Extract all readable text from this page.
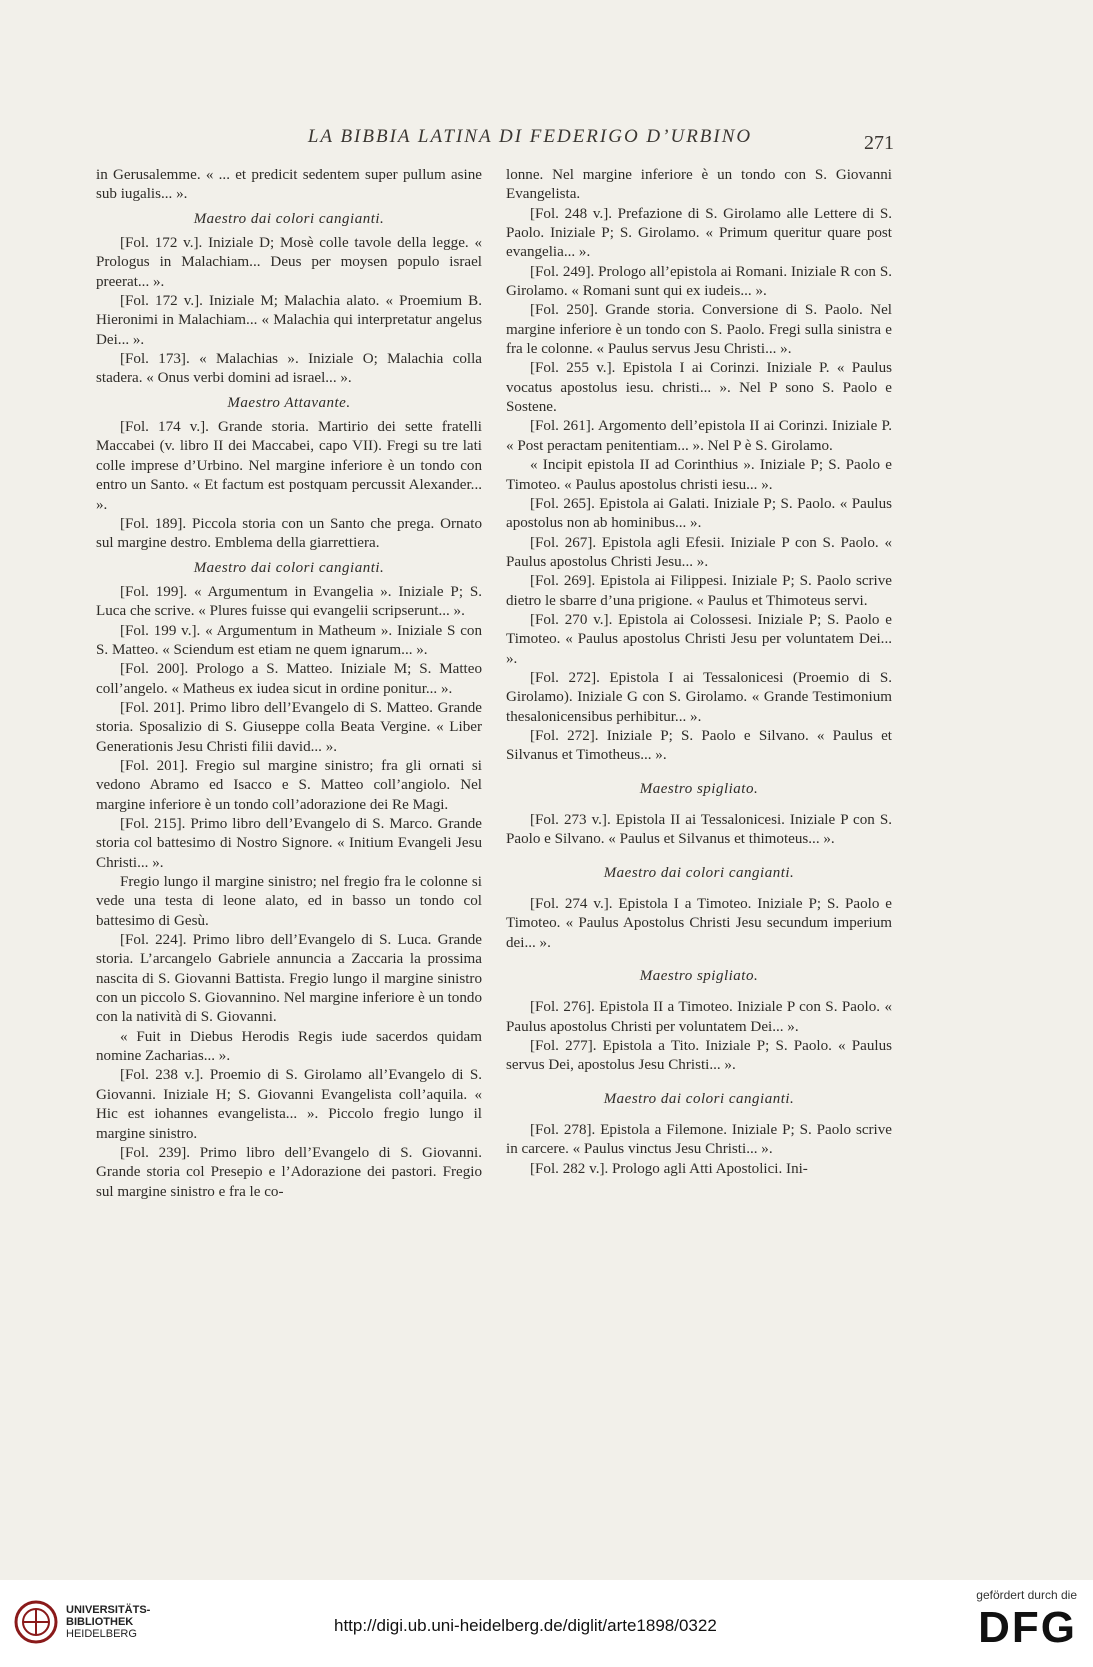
LA BIBBIA LATINA DI FEDERIGO D’URBINO	271

in Gerusalemme. « ... et predicit sedentem super pullum asine sub iugalis... ».

Maestro dai colori cangianti.

[Fol. 172 v.]. Iniziale D; Mosè colle tavole della legge. « Prologus in Malachiam... Deus per moysen populo israel preerat... ».

[Fol. 172 v.]. Iniziale M; Malachia alato. « Proemium B. Hieronimi in Malachiam... « Malachia qui interpretatur angelus Dei... ».

[Fol. 173]. « Malachias ». Iniziale O; Malachia colla stadera. « Onus verbi domini ad israel... ».

Maestro Attavante.

[Fol. 174 v.]. Grande storia. Martirio dei sette fratelli Maccabei (v. libro II dei Maccabei, capo VII). Fregi su tre lati colle imprese d’Urbino. Nel margine inferiore è un tondo con entro un Santo. « Et factum est postquam percussit Alexander... ».

[Fol. 189]. Piccola storia con un Santo che prega. Ornato sul margine destro. Emblema della giarrettiera.

Maestro dai colori cangianti.

[Fol. 199]. « Argumentum in Evangelia ». Iniziale P; S. Luca che scrive. « Plures fuisse qui evangelii scripserunt... ».

[Fol. 199 v.]. « Argumentum in Matheum ». Iniziale S con S. Matteo. « Sciendum est etiam ne quem ignarum... ».

[Fol. 200]. Prologo a S. Matteo. Iniziale M; S. Matteo coll’angelo. « Matheus ex iudea sicut in ordine ponitur... ».

[Fol. 201]. Primo libro dell’Evangelo di S. Matteo. Grande storia. Sposalizio di S. Giuseppe colla Beata Vergine. « Liber Generationis Jesu Christi filii david... ».

[Fol. 201]. Fregio sul margine sinistro; fra gli ornati si vedono Abramo ed Isacco e S. Matteo coll’angiolo. Nel margine inferiore è un tondo coll’adorazione dei Re Magi.

[Fol. 215]. Primo libro dell’Evangelo di S. Marco. Grande storia col battesimo di Nostro Signore. « Initium Evangeli Jesu Christi... ».

Fregio lungo il margine sinistro; nel fregio fra le colonne si vede una testa di leone alato, ed in basso un tondo col battesimo di Gesù.

[Fol. 224]. Primo libro dell’Evangelo di S. Luca. Grande storia. L’arcangelo Gabriele annuncia a Zaccaria la prossima nascita di S. Giovanni Battista. Fregio lungo il margine sinistro con un piccolo S. Giovannino. Nel margine inferiore è un tondo con la natività di S. Giovanni.

« Fuit in Diebus Herodis Regis iude sacerdos quidam nomine Zacharias... ».

[Fol. 238 v.]. Proemio di S. Girolamo all’Evangelo di S. Giovanni. Iniziale H; S. Giovanni Evangelista coll’aquila. « Hic est iohannes evangelista... ». Piccolo fregio lungo il margine sinistro.

[Fol. 239]. Primo libro dell’Evangelo di S. Giovanni. Grande storia col Presepio e l’Adorazione dei pastori. Fregio sul margine sinistro e fra le co-

lonne. Nel margine inferiore è un tondo con S. Giovanni Evangelista.

[Fol. 248 v.]. Prefazione di S. Girolamo alle Lettere di S. Paolo. Iniziale P; S. Girolamo. « Primum queritur quare post evangelia... ».

[Fol. 249]. Prologo all’epistola ai Romani. Iniziale R con S. Girolamo. « Romani sunt qui ex iudeis... ».

[Fol. 250]. Grande storia. Conversione di S. Paolo. Nel margine inferiore è un tondo con S. Paolo. Fregi sulla sinistra e fra le colonne. « Paulus servus Jesu Christi... ».

[Fol. 255 v.]. Epistola I ai Corinzi. Iniziale P. « Paulus vocatus apostolus iesu. christi... ». Nel P sono S. Paolo e Sostene.

[Fol. 261]. Argomento dell’epistola II ai Corinzi. Iniziale P. « Post peractam penitentiam... ». Nel P è S. Girolamo.

« Incipit epistola II ad Corinthius ». Iniziale P; S. Paolo e Timoteo. « Paulus apostolus christi iesu... ».

[Fol. 265]. Epistola ai Galati. Iniziale P; S. Paolo. « Paulus apostolus non ab hominibus... ».

[Fol. 267]. Epistola agli Efesii. Iniziale P con S. Paolo. « Paulus apostolus Christi Jesu... ».

[Fol. 269]. Epistola ai Filippesi. Iniziale P; S. Paolo scrive dietro le sbarre d’una prigione. « Paulus et Thimoteus servi.

[Fol. 270 v.]. Epistola ai Colossesi. Iniziale P; S. Paolo e Timoteo. « Paulus apostolus Christi Jesu per voluntatem Dei... ».

[Fol. 272]. Epistola I ai Tessalonicesi (Proemio di S. Girolamo). Iniziale G con S. Girolamo. « Grande Testimonium thesalonicensibus perhibitur... ».

[Fol. 272]. Iniziale P; S. Paolo e Silvano. « Paulus et Silvanus et Timotheus... ».

Maestro spigliato.

[Fol. 273 v.]. Epistola II ai Tessalonicesi. Iniziale P con S. Paolo e Silvano. « Paulus et Silvanus et thimoteus... ».

Maestro dai colori cangianti.

[Fol. 274 v.]. Epistola I a Timoteo. Iniziale P; S. Paolo e Timoteo. « Paulus Apostolus Christi Jesu secundum imperium dei... ».

Maestro spigliato.

[Fol. 276]. Epistola II a Timoteo. Iniziale P con S. Paolo. « Paulus apostolus Christi per voluntatem Dei... ».

[Fol. 277]. Epistola a Tito. Iniziale P; S. Paolo. « Paulus servus Dei, apostolus Jesu Christi... ».

Maestro dai colori cangianti.

[Fol. 278]. Epistola a Filemone. Iniziale P; S. Paolo scrive in carcere. « Paulus vinctus Jesu Christi... ».

[Fol. 282 v.]. Prologo agli Atti Apostolici. Ini-

UNIVERSITÄTS-
BIBLIOTHEK
HEIDELBERG	http://digi.ub.uni-heidelberg.de/diglit/arte1898/0322
gefördert durch die
DFG
